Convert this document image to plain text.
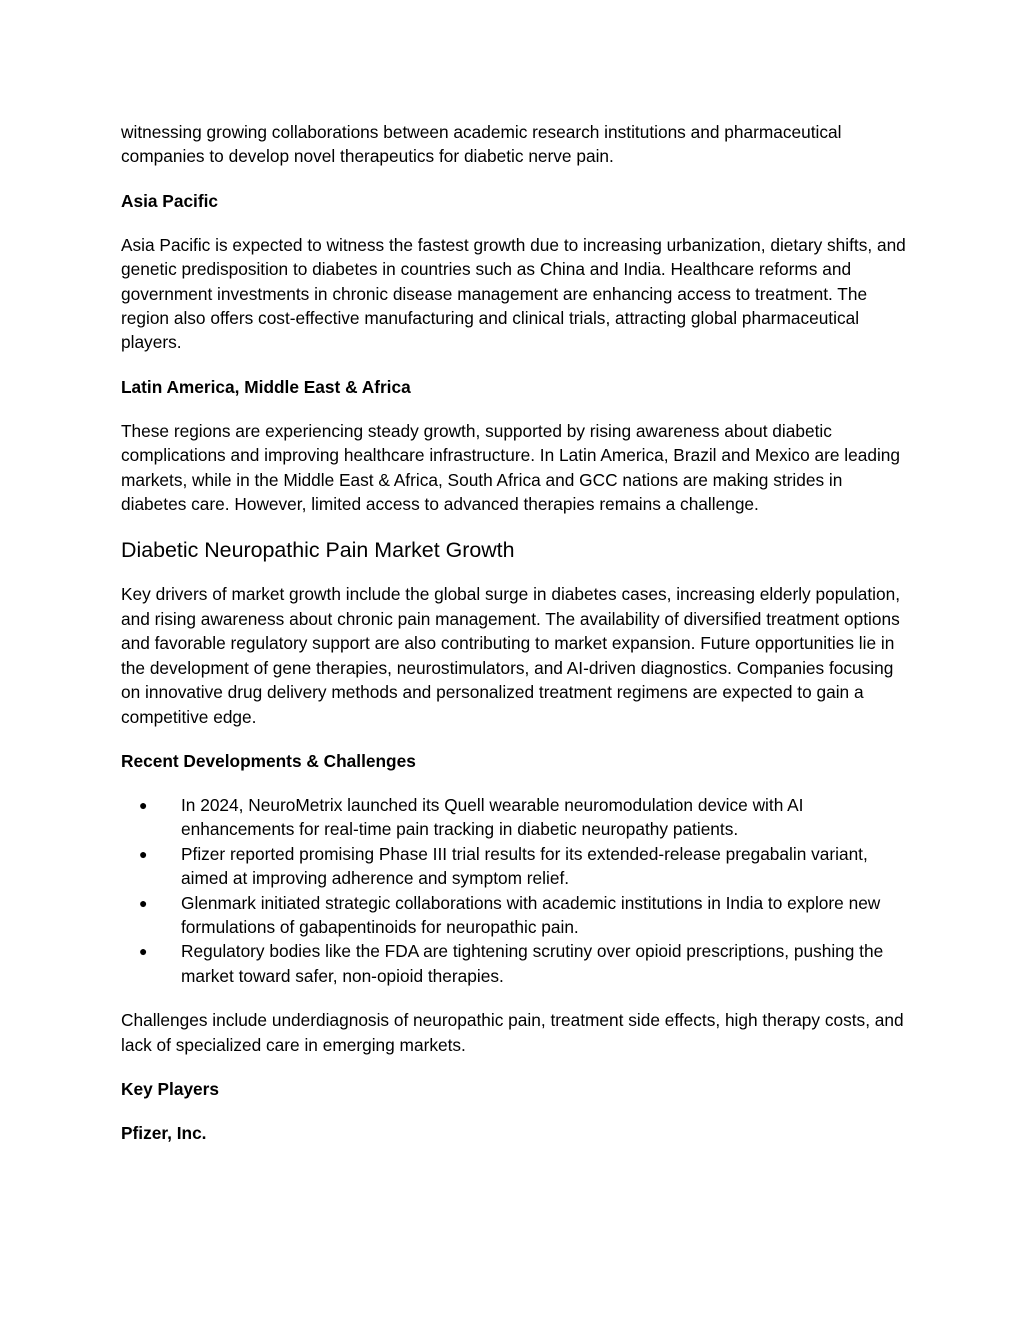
witnessing growing collaborations between academic research institutions and pharmaceutical companies to develop novel therapeutics for diabetic nerve pain.

Asia Pacific

Asia Pacific is expected to witness the fastest growth due to increasing urbanization, dietary shifts, and genetic predisposition to diabetes in countries such as China and India. Healthcare reforms and government investments in chronic disease management are enhancing access to treatment. The region also offers cost-effective manufacturing and clinical trials, attracting global pharmaceutical players.

Latin America, Middle East & Africa

These regions are experiencing steady growth, supported by rising awareness about diabetic complications and improving healthcare infrastructure. In Latin America, Brazil and Mexico are leading markets, while in the Middle East & Africa, South Africa and GCC nations are making strides in diabetes care. However, limited access to advanced therapies remains a challenge.

Diabetic Neuropathic Pain Market Growth

Key drivers of market growth include the global surge in diabetes cases, increasing elderly population, and rising awareness about chronic pain management. The availability of diversified treatment options and favorable regulatory support are also contributing to market expansion. Future opportunities lie in the development of gene therapies, neurostimulators, and AI-driven diagnostics. Companies focusing on innovative drug delivery methods and personalized treatment regimens are expected to gain a competitive edge.

Recent Developments & Challenges

● In 2024, NeuroMetrix launched its Quell wearable neuromodulation device with AI enhancements for real-time pain tracking in diabetic neuropathy patients.
● Pfizer reported promising Phase III trial results for its extended-release pregabalin variant, aimed at improving adherence and symptom relief.
● Glenmark initiated strategic collaborations with academic institutions in India to explore new formulations of gabapentinoids for neuropathic pain.
● Regulatory bodies like the FDA are tightening scrutiny over opioid prescriptions, pushing the market toward safer, non-opioid therapies.

Challenges include underdiagnosis of neuropathic pain, treatment side effects, high therapy costs, and lack of specialized care in emerging markets.

Key Players

Pfizer, Inc.
